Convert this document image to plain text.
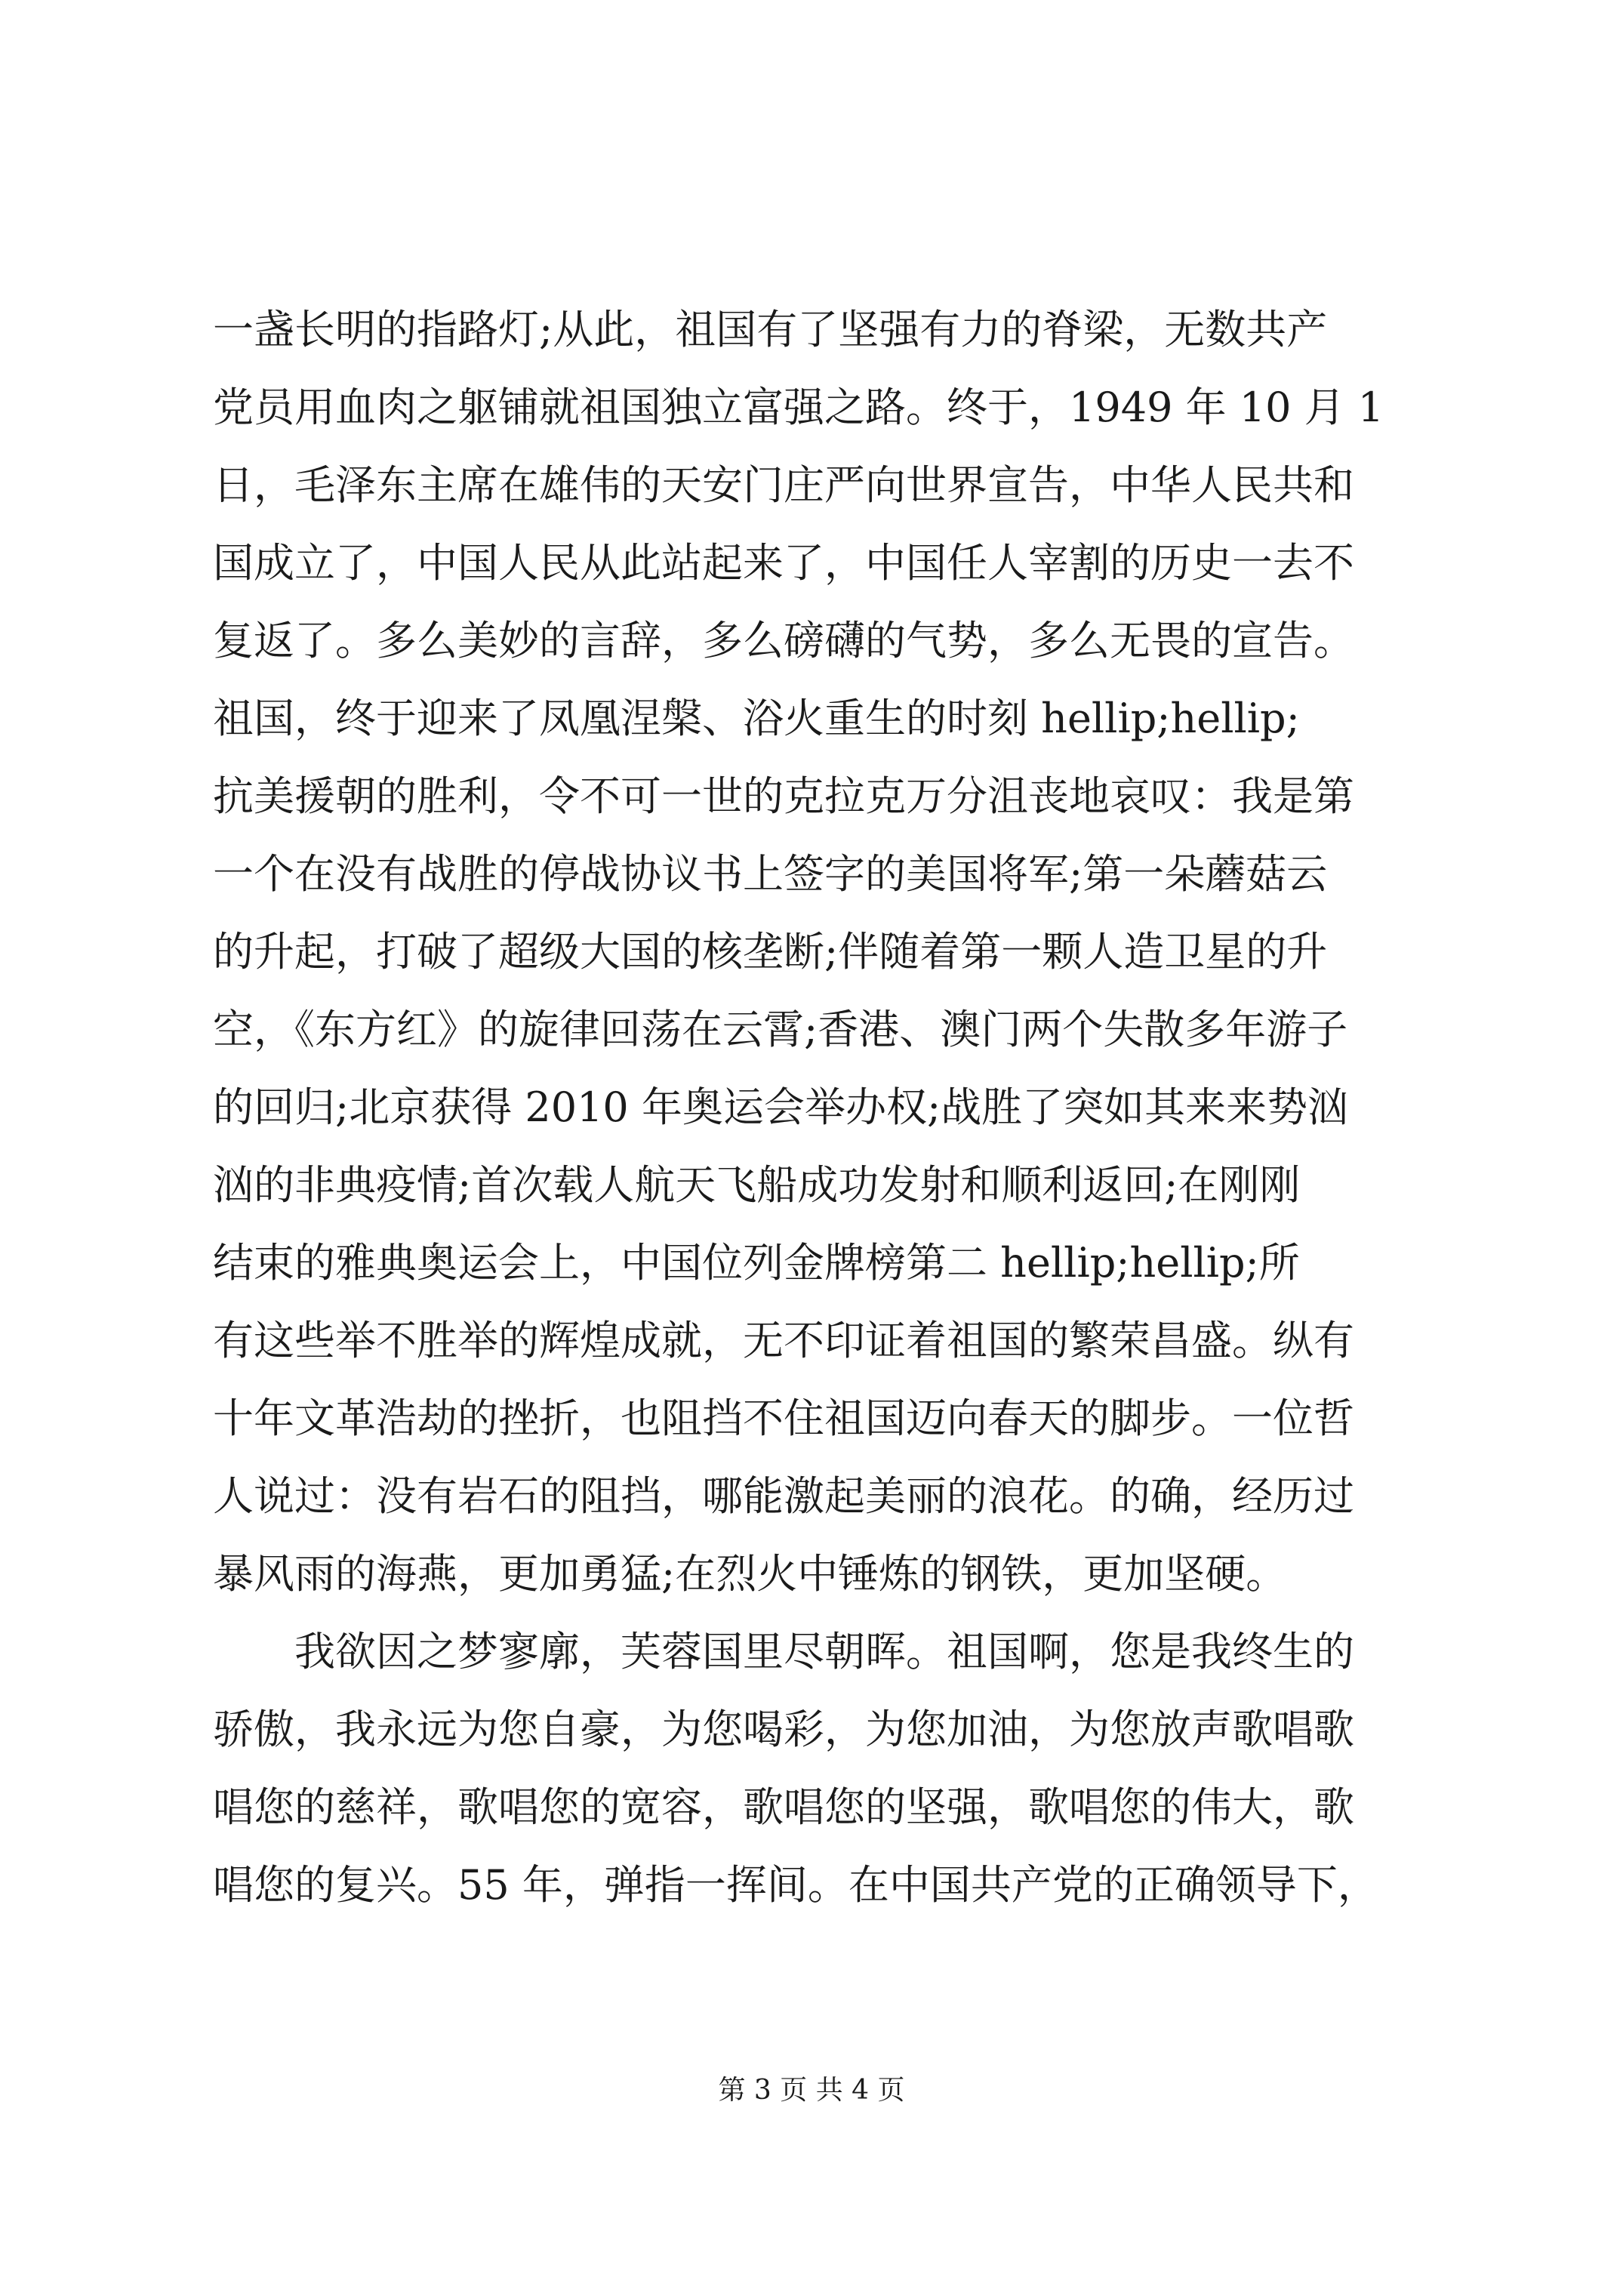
一盏长明的指路灯;从此，祖国有了坚强有力的脊梁，无数共产
党员用血肉之躯铺就祖国独立富强之路。终于，1949 年 10 月 1
日，毛泽东主席在雄伟的天安门庄严向世界宣告，中华人民共和
国成立了，中国人民从此站起来了，中国任人宰割的历史一去不
复返了。多么美妙的言辞，多么磅礴的气势，多么无畏的宣告。
祖国，终于迎来了凤凰涅槃、浴火重生的时刻 hellip;hellip;
抗美援朝的胜利，令不可一世的克拉克万分沮丧地哀叹：我是第
一个在没有战胜的停战协议书上签字的美国将军;第一朵蘑菇云
的升起，打破了超级大国的核垄断;伴随着第一颗人造卫星的升
空，《东方红》的旋律回荡在云霄;香港、澳门两个失散多年游子
的回归;北京获得 2010 年奥运会举办权;战胜了突如其来来势汹
汹的非典疫情;首次载人航天飞船成功发射和顺利返回;在刚刚
结束的雅典奥运会上，中国位列金牌榜第二 hellip;hellip;所
有这些举不胜举的辉煌成就，无不印证着祖国的繁荣昌盛。纵有
十年文革浩劫的挫折，也阻挡不住祖国迈向春天的脚步。一位哲
人说过：没有岩石的阻挡，哪能激起美丽的浪花。的确，经历过
暴风雨的海燕，更加勇猛;在烈火中锤炼的钢铁，更加坚硬。
我欲因之梦寥廓，芙蓉国里尽朝晖。祖国啊，您是我终生的
骄傲，我永远为您自豪，为您喝彩，为您加油，为您放声歌唱歌
唱您的慈祥，歌唱您的宽容，歌唱您的坚强，歌唱您的伟大，歌
唱您的复兴。55 年，弹指一挥间。在中国共产党的正确领导下，
第 3 页 共 4 页
